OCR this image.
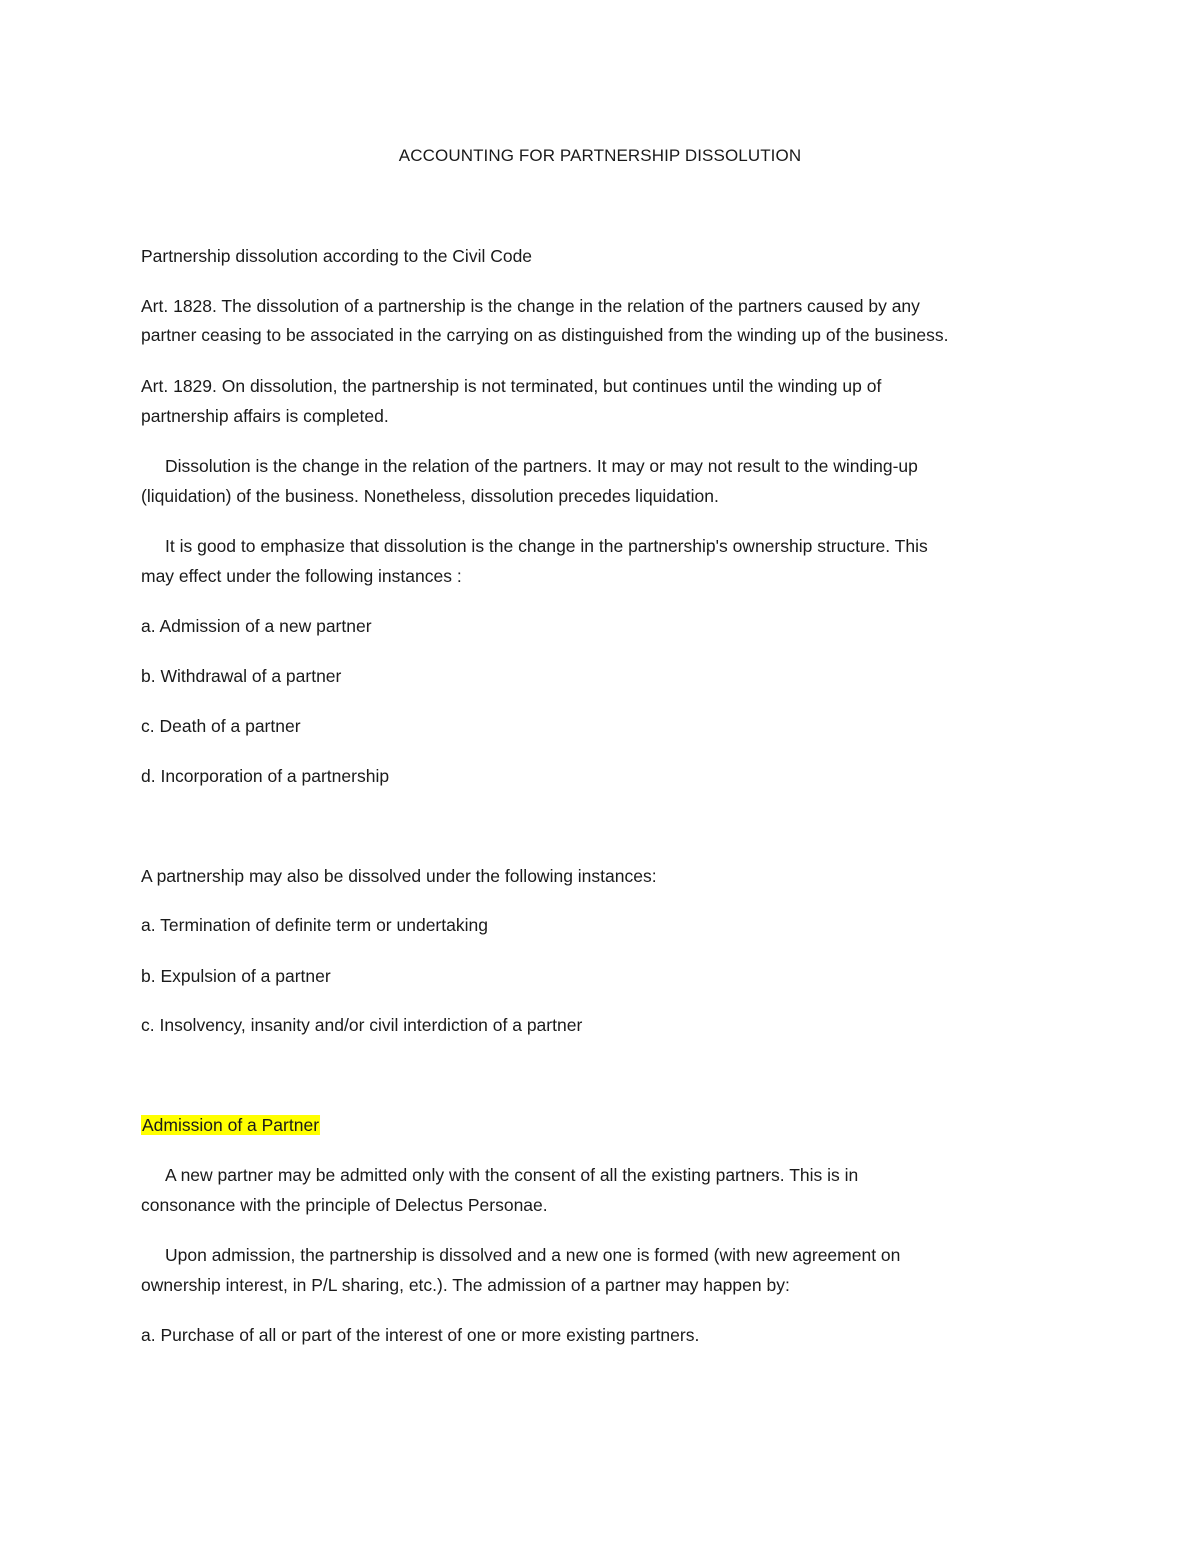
ACCOUNTING FOR PARTNERSHIP DISSOLUTION
Partnership dissolution according to the Civil Code
Art. 1828. The dissolution of a partnership is the change in the relation of the partners caused by any
partner ceasing to be associated in the carrying on as distinguished from the winding up of the business.
Art. 1829. On dissolution, the partnership is not terminated, but continues until the winding up of
partnership affairs is completed.
Dissolution is the change in the relation of the partners. It may or may not result to the winding-up
(liquidation) of the business. Nonetheless, dissolution precedes liquidation.
It is good to emphasize that dissolution is the change in the partnership's ownership structure. This
may effect under the following instances :
a. Admission of a new partner
b. Withdrawal of a partner
c. Death of a partner
d. Incorporation of a partnership
A partnership may also be dissolved under the following instances:
a. Termination of definite term or undertaking
b. Expulsion of a partner
c. Insolvency, insanity and/or civil interdiction of a partner
Admission of a Partner
A new partner may be admitted only with the consent of all the existing partners. This is in
consonance with the principle of Delectus Personae.
Upon admission, the partnership is dissolved and a new one is formed (with new agreement on
ownership interest, in P/L sharing, etc.). The admission of a partner may happen by:
a. Purchase of all or part of the interest of one or more existing partners.
